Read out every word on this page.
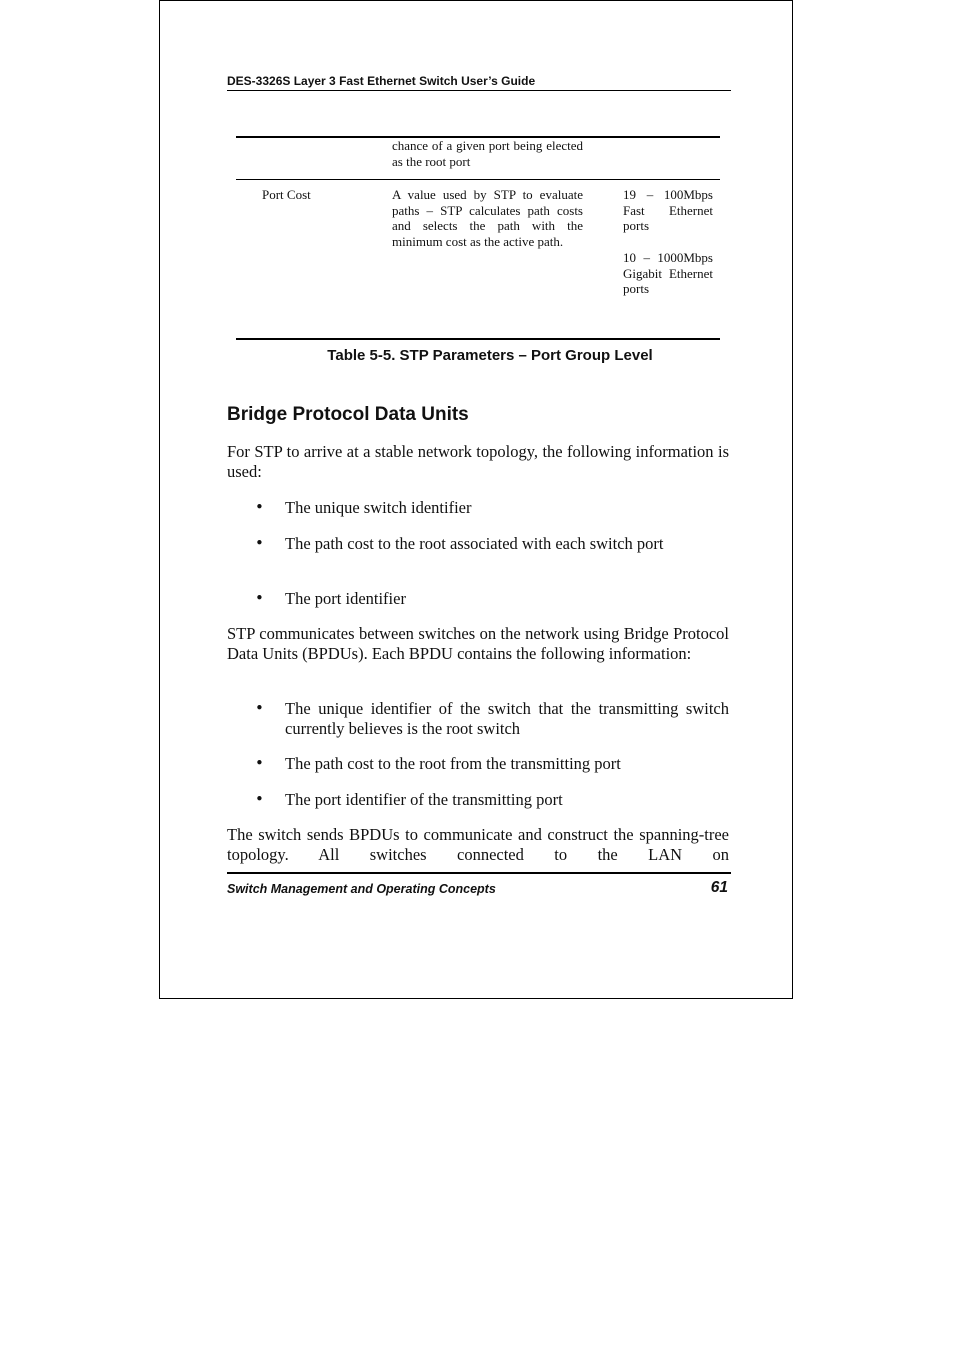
DES-3326S Layer 3 Fast Ethernet Switch User’s Guide
chance of a given port being elected as the root port
Port Cost	A value used by STP to evaluate paths – STP calculates path costs and selects the path with the minimum cost as the active path.
19 – 100Mbps Fast Ethernet ports
10 – 1000Mbps Gigabit Ethernet ports
Table 5-5. STP Parameters – Port Group Level
Bridge Protocol Data Units
For STP to arrive at a stable network topology, the following information is used:
• The unique switch identifier
• The path cost to the root associated with each switch port
• The port identifier
STP communicates between switches on the network using Bridge Protocol Data Units (BPDUs). Each BPDU contains the following information:
• The unique identifier of the switch that the transmitting switch currently believes is the root switch
• The path cost to the root from the transmitting port
• The port identifier of the transmitting port
The switch sends BPDUs to communicate and construct the spanning-tree topology. All switches connected to the LAN on
Switch Management and Operating Concepts	61
